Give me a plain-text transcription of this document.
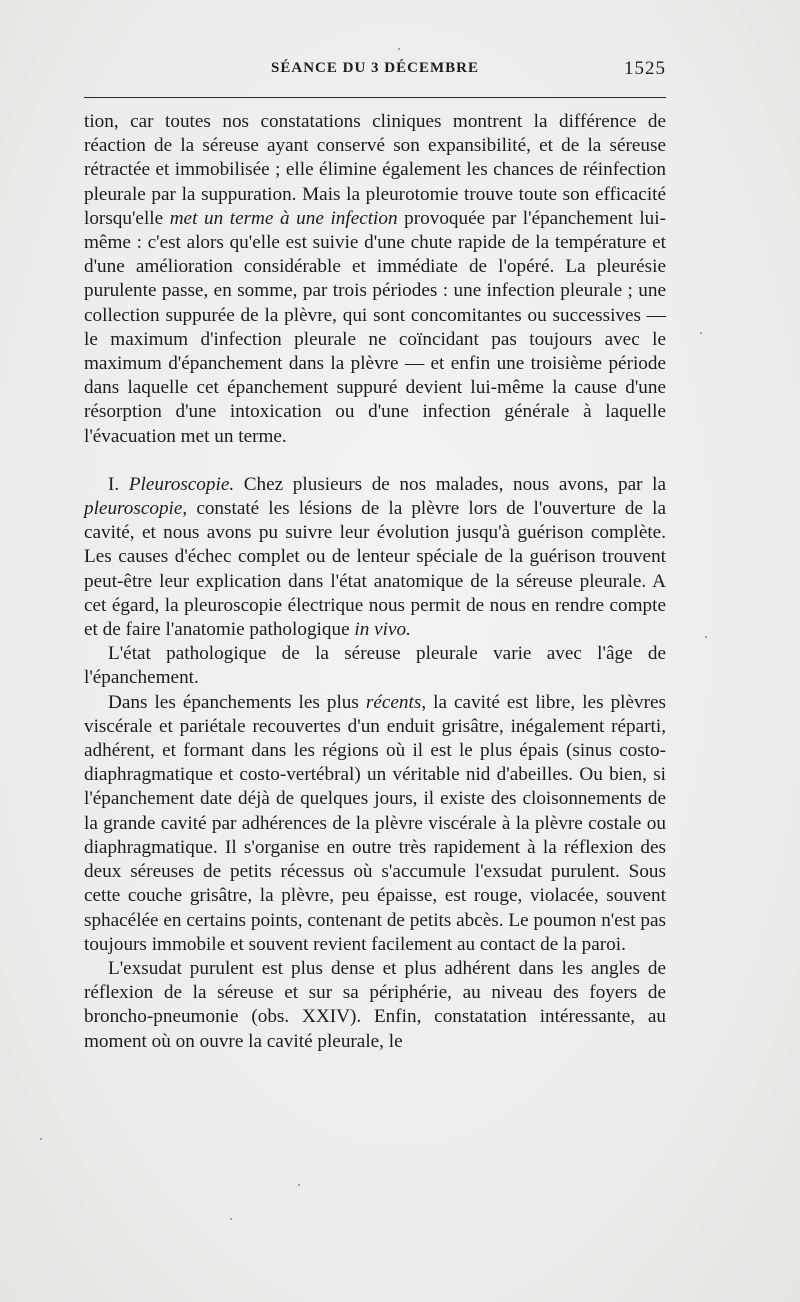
SÉANCE DU 3 DÉCEMBRE	1525

tion, car toutes nos constatations cliniques montrent la différence de réaction de la séreuse ayant conservé son expansibilité, et de la séreuse rétractée et immobilisée ; elle élimine également les chances de réinfection pleurale par la suppuration. Mais la pleurotomie trouve toute son efficacité lorsqu'elle met un terme à une infection provoquée par l'épanchement lui-même : c'est alors qu'elle est suivie d'une chute rapide de la température et d'une amélioration considérable et immédiate de l'opéré. La pleurésie purulente passe, en somme, par trois périodes : une infection pleurale ; une collection suppurée de la plèvre, qui sont concomitantes ou successives — le maximum d'infection pleurale ne coïncidant pas toujours avec le maximum d'épanchement dans la plèvre — et enfin une troisième période dans laquelle cet épanchement suppuré devient lui-même la cause d'une résorption d'une intoxication ou d'une infection générale à laquelle l'évacuation met un terme.

I. Pleuroscopie. Chez plusieurs de nos malades, nous avons, par la pleuroscopie, constaté les lésions de la plèvre lors de l'ouverture de la cavité, et nous avons pu suivre leur évolution jusqu'à guérison complète. Les causes d'échec complet ou de lenteur spéciale de la guérison trouvent peut-être leur explication dans l'état anatomique de la séreuse pleurale. A cet égard, la pleuroscopie électrique nous permit de nous en rendre compte et de faire l'anatomie pathologique in vivo.

L'état pathologique de la séreuse pleurale varie avec l'âge de l'épanchement.

Dans les épanchements les plus récents, la cavité est libre, les plèvres viscérale et pariétale recouvertes d'un enduit grisâtre, inégalement réparti, adhérent, et formant dans les régions où il est le plus épais (sinus costo-diaphragmatique et costo-vertébral) un véritable nid d'abeilles. Ou bien, si l'épanchement date déjà de quelques jours, il existe des cloisonnements de la grande cavité par adhérences de la plèvre viscérale à la plèvre costale ou diaphragmatique. Il s'organise en outre très rapidement à la réflexion des deux séreuses de petits récessus où s'accumule l'exsudat purulent. Sous cette couche grisâtre, la plèvre, peu épaisse, est rouge, violacée, souvent sphacélée en certains points, contenant de petits abcès. Le poumon n'est pas toujours immobile et souvent revient facilement au contact de la paroi.

L'exsudat purulent est plus dense et plus adhérent dans les angles de réflexion de la séreuse et sur sa périphérie, au niveau des foyers de broncho-pneumonie (obs. XXIV). Enfin, constatation intéressante, au moment où on ouvre la cavité pleurale, le
